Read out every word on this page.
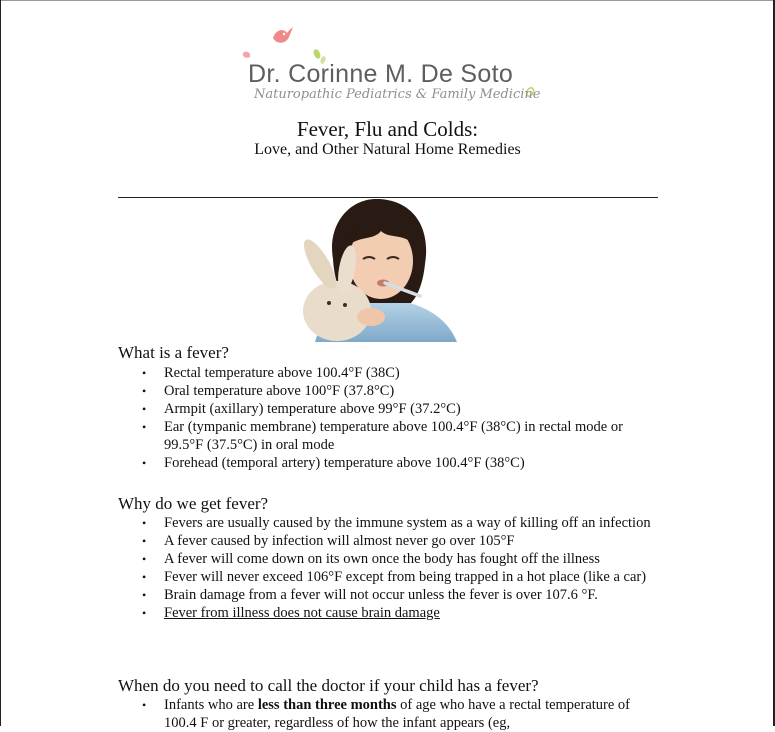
Dr. Corinne M. De Soto
Naturopathic Pediatrics & Family Medicine
Fever, Flu and Colds:
Love, and Other Natural Home Remedies
What is a fever?
• Rectal temperature above 100.4°F (38C)
• Oral temperature above 100°F (37.8°C)
• Armpit (axillary) temperature above 99°F (37.2°C)
• Ear (tympanic membrane) temperature above 100.4°F (38°C) in rectal mode or 99.5°F (37.5°C) in oral mode
• Forehead (temporal artery) temperature above 100.4°F (38°C)
Why do we get fever?
• Fevers are usually caused by the immune system as a way of killing off an infection
• A fever caused by infection will almost never go over 105°F
• A fever will come down on its own once the body has fought off the illness
• Fever will never exceed 106°F except from being trapped in a hot place (like a car)
• Brain damage from a fever will not occur unless the fever is over 107.6 °F.
• Fever from illness does not cause brain damage
When do you need to call the doctor if your child has a fever?
• Infants who are less than three months of age who have a rectal temperature of 100.4 F or greater, regardless of how the infant appears (eg,
